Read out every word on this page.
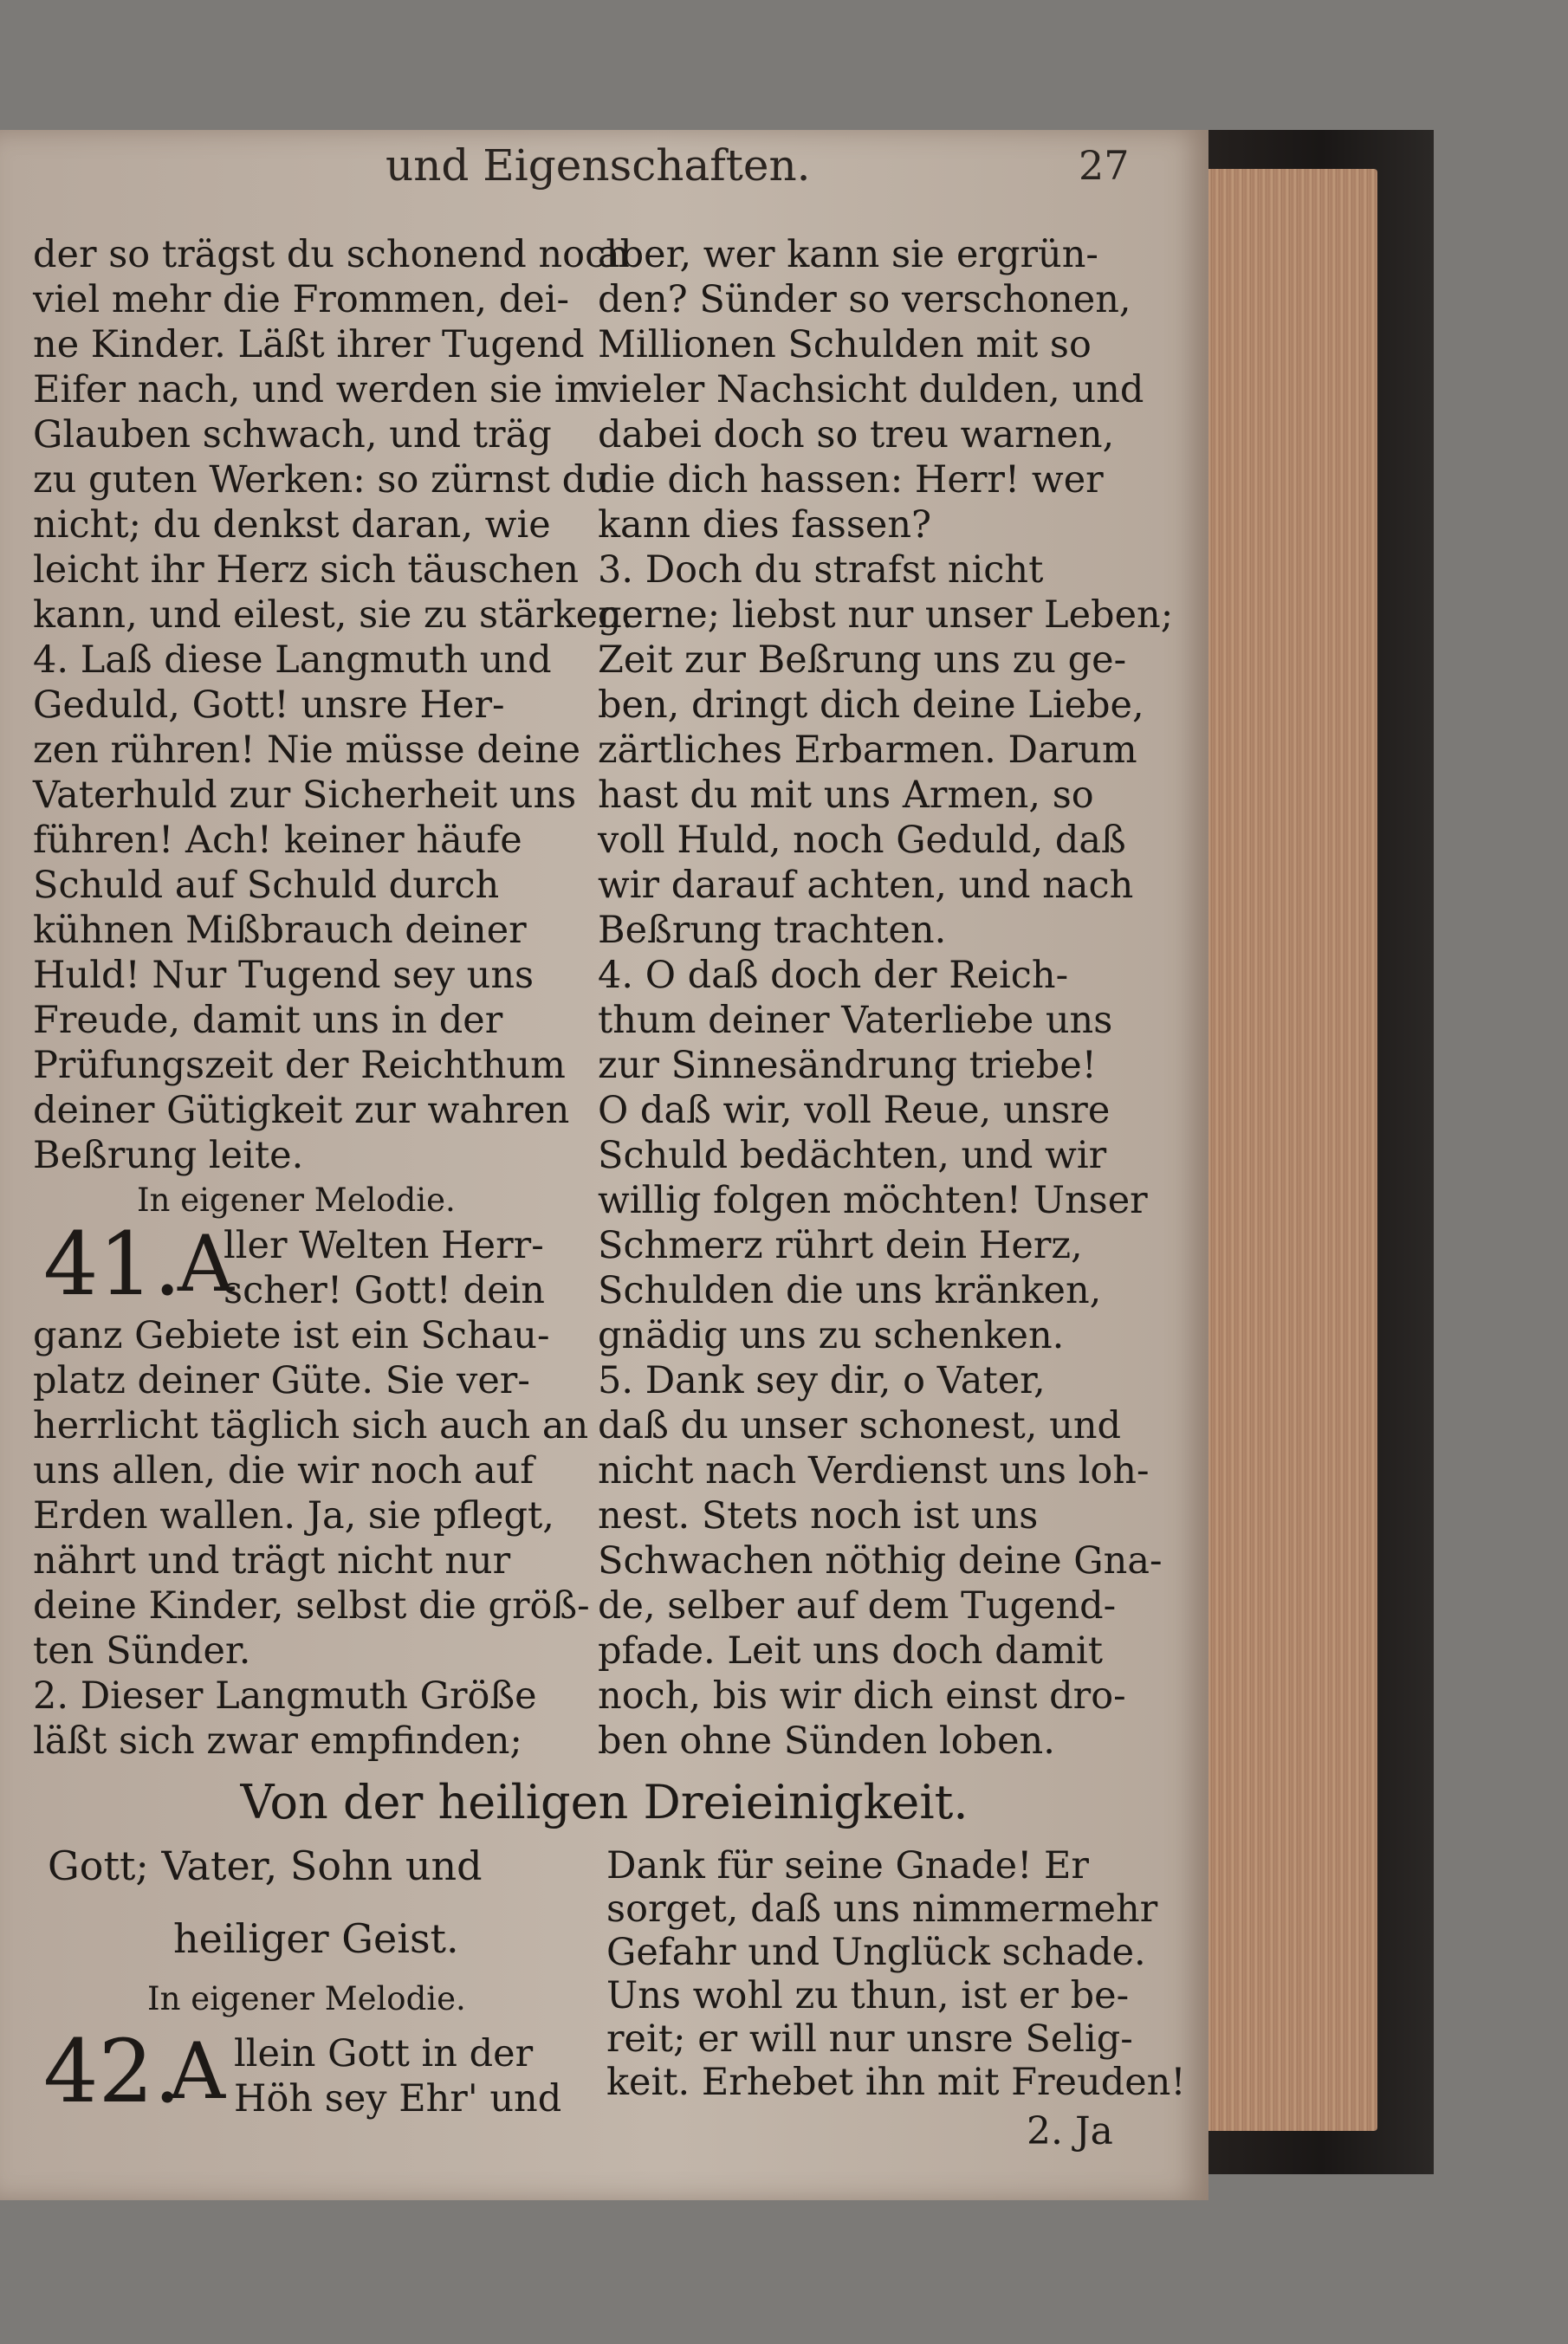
und Eigenschaften.	27
der so trägst du schonend noch
viel mehr die Frommen, dei-
ne Kinder. Läßt ihrer Tugend
Eifer nach, und werden sie im
Glauben schwach, und träg
zu guten Werken: so zürnst du
nicht; du denkst daran, wie
leicht ihr Herz sich täuschen
kann, und eilest, sie zu stärken.
4. Laß diese Langmuth und
Geduld, Gott! unsre Her-
zen rühren! Nie müsse deine
Vaterhuld zur Sicherheit uns
führen! Ach! keiner häufe
Schuld auf Schuld durch
kühnen Mißbrauch deiner
Huld! Nur Tugend sey uns
Freude, damit uns in der
Prüfungszeit der Reichthum
deiner Gütigkeit zur wahren
Beßrung leite.
In eigener Melodie.
ller Welten Herr-
scher! Gott! dein
ganz Gebiete ist ein Schau-
platz deiner Güte. Sie ver-
herrlicht täglich sich auch an
uns allen, die wir noch auf
Erden wallen. Ja, sie pflegt,
nährt und trägt nicht nur
deine Kinder, selbst die größ-
ten Sünder.
2. Dieser Langmuth Größe
läßt sich zwar empfinden;
aber, wer kann sie ergrün-
den? Sünder so verschonen,
Millionen Schulden mit so
vieler Nachsicht dulden, und
dabei doch so treu warnen,
die dich hassen: Herr! wer
kann dies fassen?
3. Doch du strafst nicht
gerne; liebst nur unser Leben;
Zeit zur Beßrung uns zu ge-
ben, dringt dich deine Liebe,
zärtliches Erbarmen. Darum
hast du mit uns Armen, so
voll Huld, noch Geduld, daß
wir darauf achten, und nach
Beßrung trachten.
4. O daß doch der Reich-
thum deiner Vaterliebe uns
zur Sinnesändrung triebe!
O daß wir, voll Reue, unsre
Schuld bedächten, und wir
willig folgen möchten! Unser
Schmerz rührt dein Herz,
Schulden die uns kränken,
gnädig uns zu schenken.
5. Dank sey dir, o Vater,
daß du unser schonest, und
nicht nach Verdienst uns loh-
nest. Stets noch ist uns
Schwachen nöthig deine Gna-
de, selber auf dem Tugend-
pfade. Leit uns doch damit
noch, bis wir dich einst dro-
ben ohne Sünden loben.
41.
A
Von der heiligen Dreieinigkeit.
Gott; Vater, Sohn und
heiliger Geist.
In eigener Melodie.
42.
A llein Gott in der
Höh sey Ehr' und
Dank für seine Gnade! Er
sorget, daß uns nimmermehr
Gefahr und Unglück schade.
Uns wohl zu thun, ist er be-
reit; er will nur unsre Selig-
keit. Erhebet ihn mit Freuden!
2. Ja
